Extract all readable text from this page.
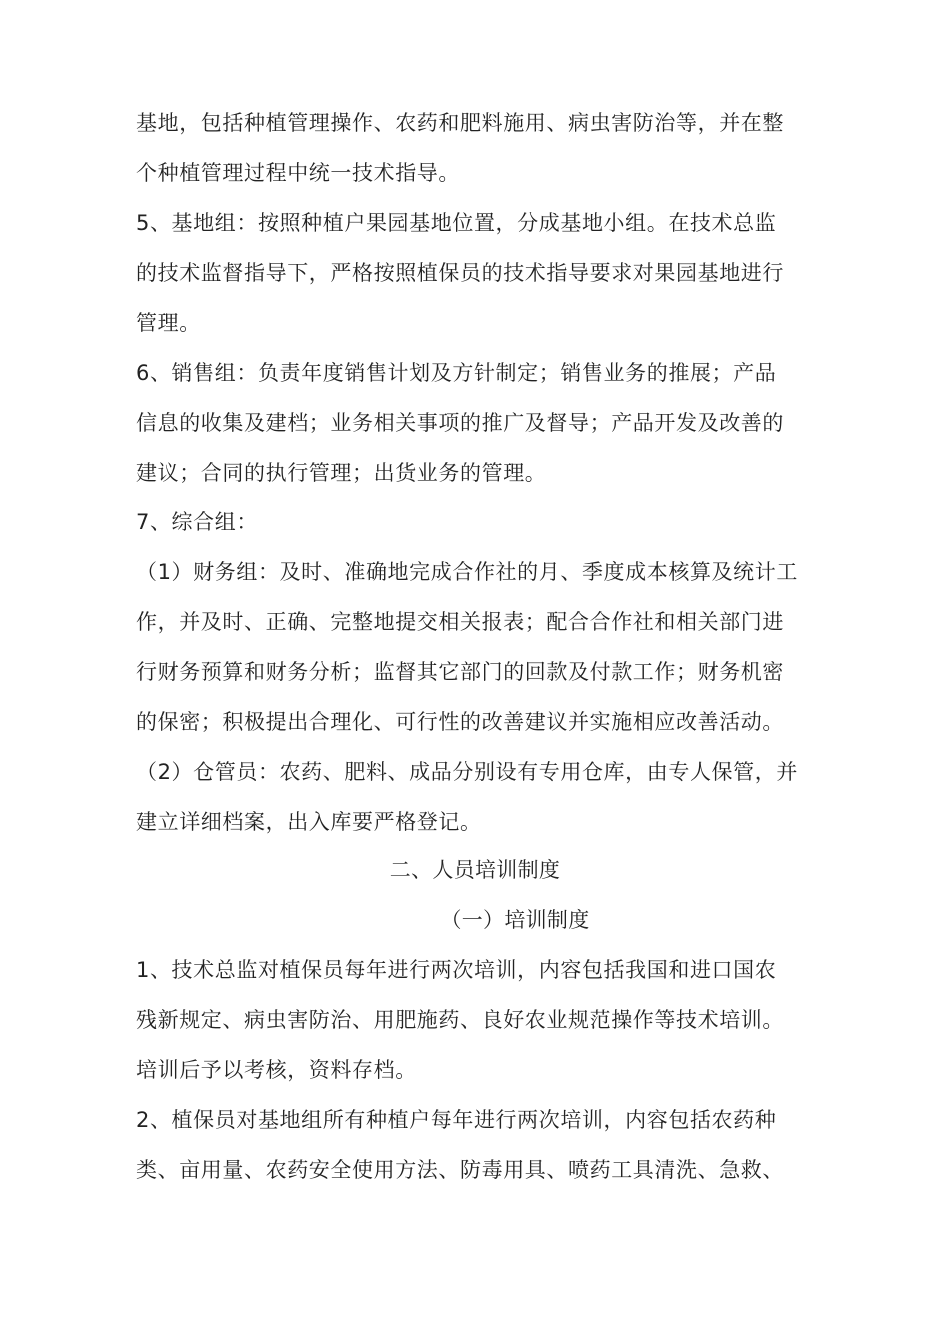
基地，包括种植管理操作、农药和肥料施用、病虫害防治等，并在整
个种植管理过程中统一技术指导。
5、基地组：按照种植户果园基地位置，分成基地小组。在技术总监
的技术监督指导下，严格按照植保员的技术指导要求对果园基地进行
管理。
6、销售组：负责年度销售计划及方针制定；销售业务的推展；产品
信息的收集及建档；业务相关事项的推广及督导；产品开发及改善的
建议；合同的执行管理；出货业务的管理。
7、综合组：
（1）财务组：及时、准确地完成合作社的月、季度成本核算及统计工
作，并及时、正确、完整地提交相关报表；配合合作社和相关部门进
行财务预算和财务分析；监督其它部门的回款及付款工作；财务机密
的保密；积极提出合理化、可行性的改善建议并实施相应改善活动。
（2）仓管员：农药、肥料、成品分别设有专用仓库，由专人保管，并
建立详细档案，出入库要严格登记。
二、人员培训制度
（一）培训制度
1、技术总监对植保员每年进行两次培训，内容包括我国和进口国农
残新规定、病虫害防治、用肥施药、良好农业规范操作等技术培训。
培训后予以考核，资料存档。
2、植保员对基地组所有种植户每年进行两次培训，内容包括农药种
类、亩用量、农药安全使用方法、防毒用具、喷药工具清洗、急救、
